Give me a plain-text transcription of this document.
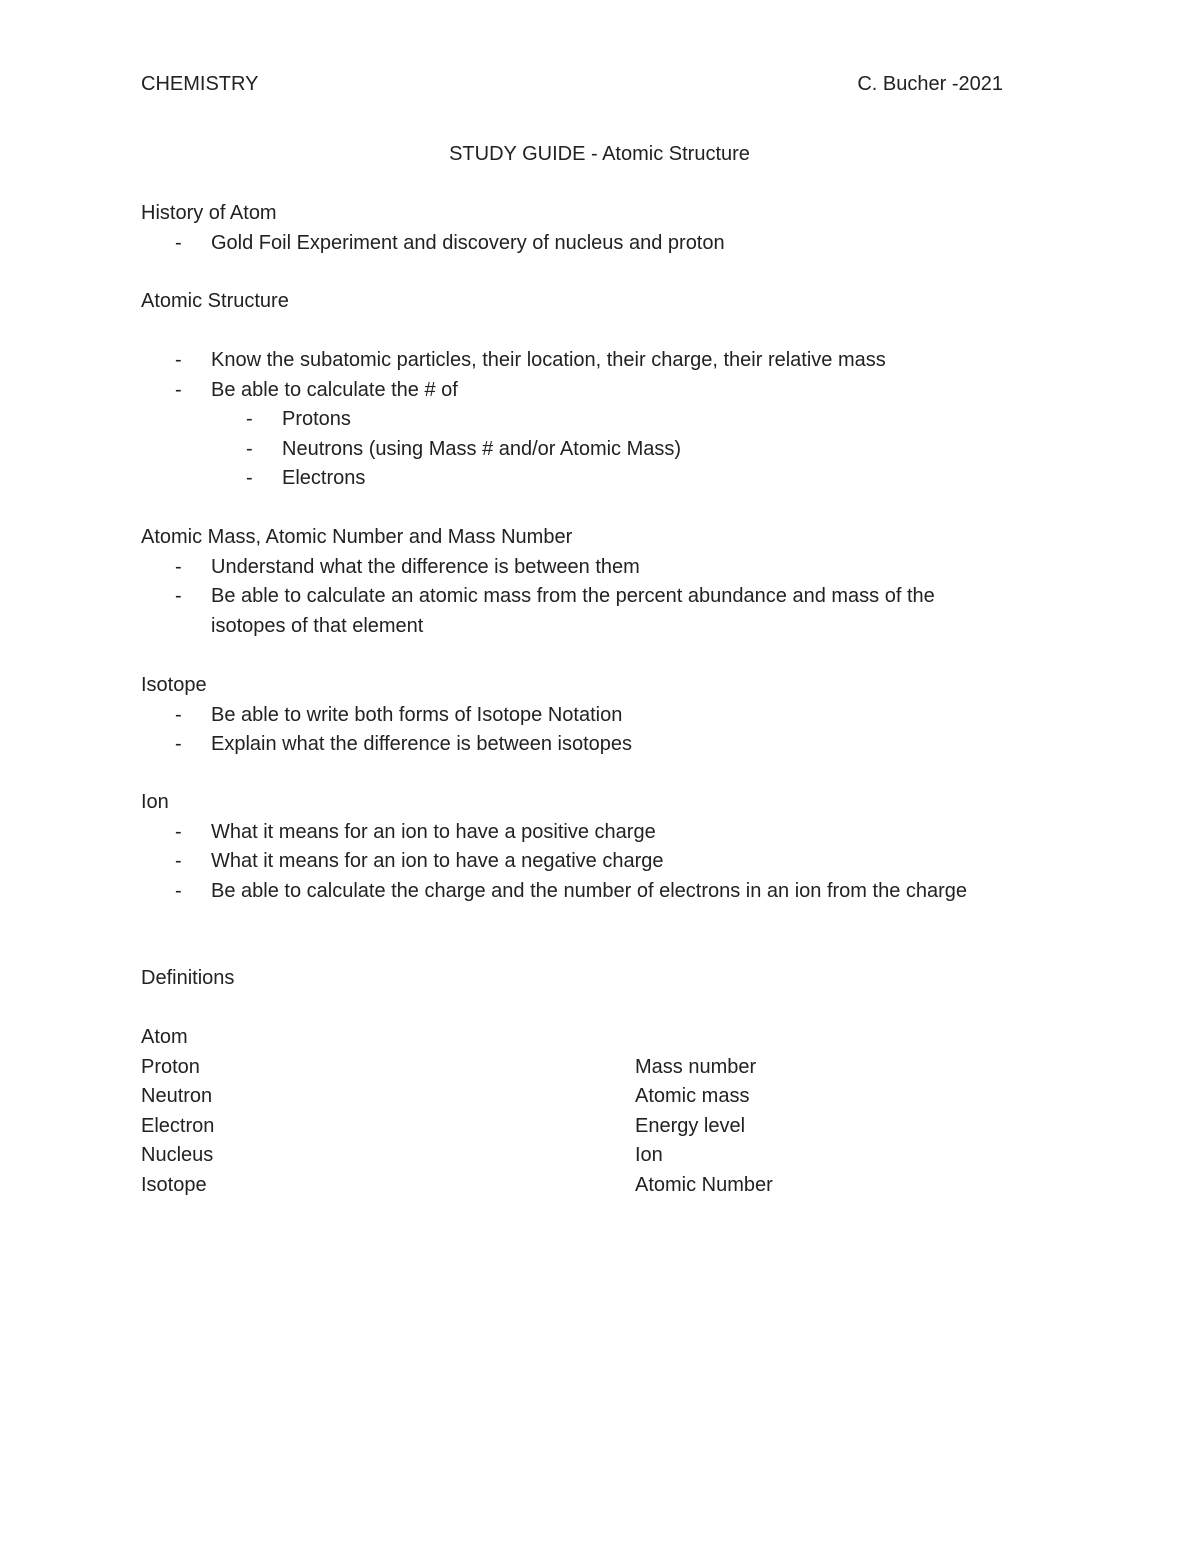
CHEMISTRY	C. Bucher -2021
STUDY GUIDE - Atomic Structure
History of Atom
- Gold Foil Experiment and discovery of nucleus and proton
Atomic Structure
- Know the subatomic particles, their location, their charge, their relative mass
- Be able to calculate the # of
- Protons
- Neutrons (using Mass # and/or Atomic Mass)
- Electrons
Atomic Mass, Atomic Number and Mass Number
- Understand what the difference is between them
- Be able to calculate an atomic mass from the percent abundance and mass of the isotopes of that element
Isotope
- Be able to write both forms of Isotope Notation
- Explain what the difference is between isotopes
Ion
- What it means for an ion to have a positive charge
- What it means for an ion to have a negative charge
- Be able to calculate the charge and the number of electrons in an ion from the charge
Definitions
Atom
Proton	Mass number
Neutron	Atomic mass
Electron	Energy level
Nucleus	Ion
Isotope	Atomic Number
